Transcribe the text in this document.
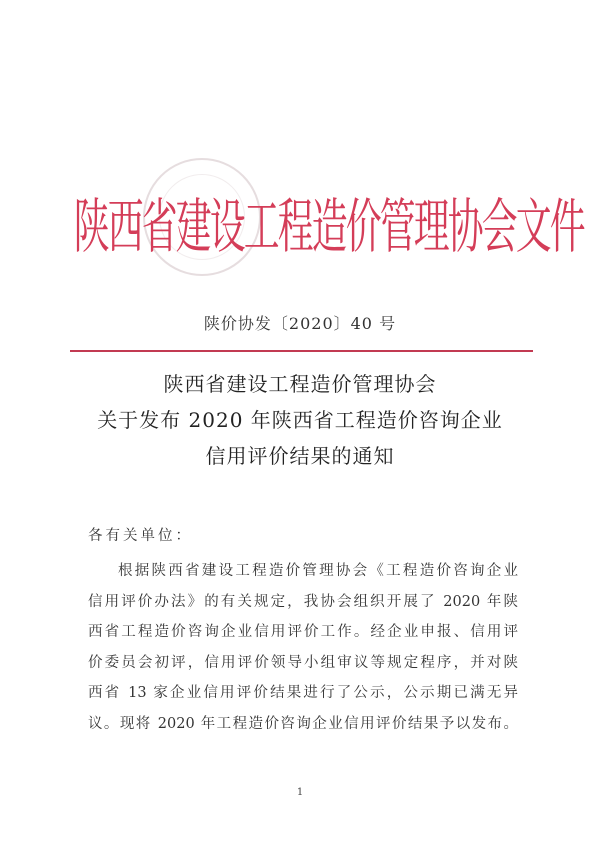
陕
西
省
建
设
工
程
造
价
管
理
协
会
文
件
陕价协发〔2020〕40 号
陕西省建设工程造价管理协会
关于发布 2020 年陕西省工程造价咨询企业
信用评价结果的通知
各有关单位：
根据陕西省建设工程造价管理协会《工程造价咨询企业
信用评价办法》的有关规定，我协会组织开展了 2020 年陕
西省工程造价咨询企业信用评价工作。经企业申报、信用评
价委员会初评，信用评价领导小组审议等规定程序，并对陕
西省 13 家企业信用评价结果进行了公示，公示期已满无异
议。现将 2020 年工程造价咨询企业信用评价结果予以发布。
1
